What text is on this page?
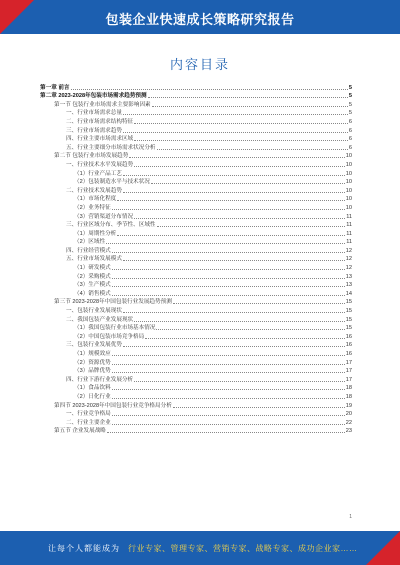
包装企业快速成长策略研究报告
内容目录
第一章 前言	5
第二章 2023-2028年包装市场需求趋势预测	5
第一节 包装行业市场需求主要影响因素	5
一、行业市场需求总量	5
二、行业市场需求结构特征	6
三、行业市场需求趋势	6
四、行业主要市场需求区域	6
五、行业主要细分市场需求状况分析	6
第二节 包装行业市场发展趋势	10
一、行业技术水平发展趋势	10
（1）行业产品工艺	10
（2）包装制造水平与技术状况	10
二、行业技术发展趋势	10
（1）市场化程度	10
（2）业务特征	10
（3）营销渠道分布情况	11
三、行业区域分布、季节性、区域性	11
（1）周期性分析	11
（2）区域性	11
四、行业经营模式	12
五、行业市场发展模式	12
（1）研发模式	12
（2）采购模式	13
（3）生产模式	13
（4）销售模式	14
第三节 2023-2028年中国包装行业发展趋势预测	15
一、包装行业发展现状	15
二、我国包装产业发展现状	15
（1）我国包装行业市场基本情况	15
（2）中国包装市场竞争格局	16
三、包装行业发展优势	16
（1）规模效应	16
（2）资源优势	17
（3）品牌优势	17
四、行业下游行业发展分析	17
（1）食品饮料	18
（2）日化行业	18
第四节 2023-2028年中国包装行业竞争格局分析	19
一、行业竞争格局	20
二、行业主要企业	22
第五节 企业发展战略	23
1
让每个人都能成为 行业专家、管理专家、营销专家、战略专家、成功企业家……
